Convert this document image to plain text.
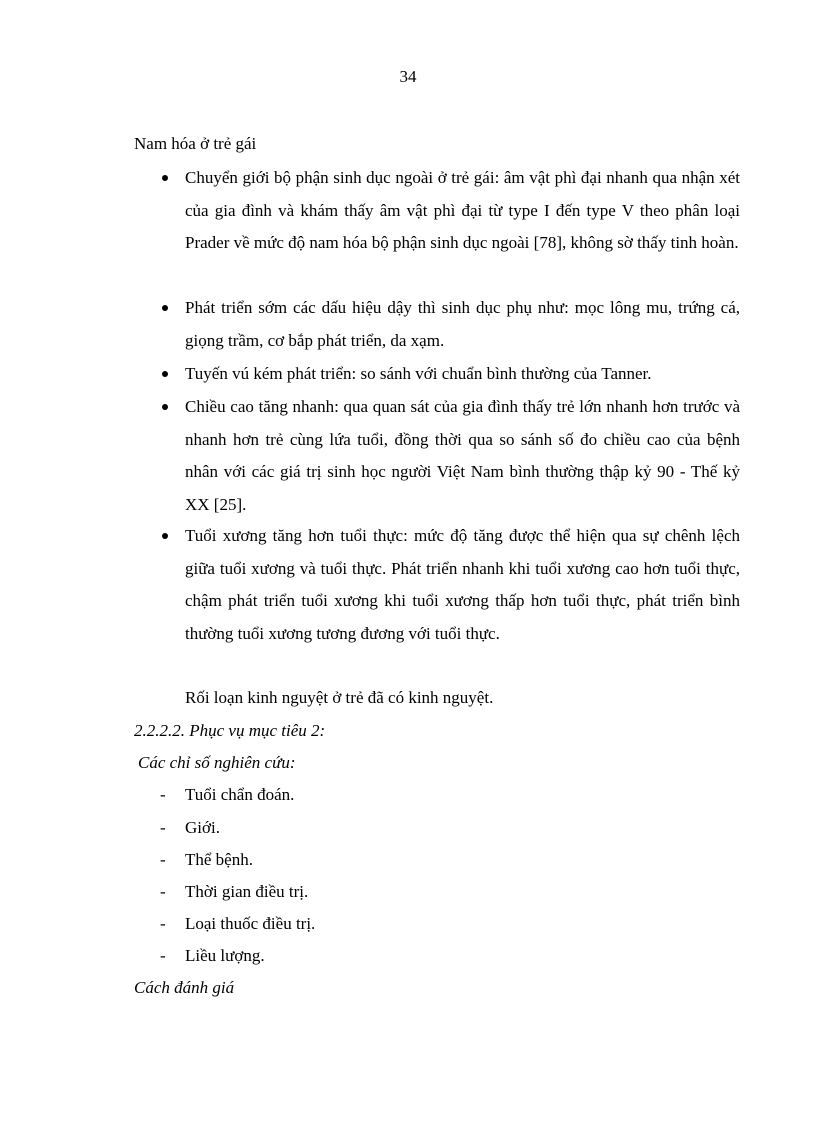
34
Nam hóa ở trẻ gái
Chuyển giới bộ phận sinh dục ngoài ở trẻ gái: âm vật phì đại nhanh qua nhận xét của gia đình và khám thấy âm vật phì đại từ type I đến type V theo phân loại Prader về mức độ nam hóa bộ phận sinh dục ngoài [78], không sờ thấy tinh hoàn.
Phát triển sớm các dấu hiệu dậy thì sinh dục phụ như: mọc lông mu, trứng cá, giọng trầm, cơ bắp phát triển, da xạm.
Tuyến vú kém phát triển: so sánh với chuẩn bình thường của Tanner.
Chiều cao tăng nhanh: qua quan sát của gia đình thấy trẻ lớn nhanh hơn trước và nhanh hơn trẻ cùng lứa tuổi, đồng thời qua so sánh số đo chiều cao của bệnh nhân với các giá trị sinh học người Việt Nam bình thường thập kỷ 90 - Thế kỷ XX [25].
Tuổi xương tăng hơn tuổi thực: mức độ tăng được thể hiện qua sự chênh lệch giữa tuổi xương và tuổi thực. Phát triển nhanh khi tuổi xương cao hơn tuổi thực, chậm phát triển tuổi xương khi tuổi xương thấp hơn tuổi thực, phát triển bình thường tuổi xương tương đương với tuổi thực.
Rối loạn kinh nguyệt ở trẻ đã có kinh nguyệt.
2.2.2.2. Phục vụ mục tiêu 2:
Các chỉ số nghiên cứu:
- Tuổi chẩn đoán.
- Giới.
- Thể bệnh.
- Thời gian điều trị.
- Loại thuốc điều trị.
- Liều lượng.
Cách đánh giá
